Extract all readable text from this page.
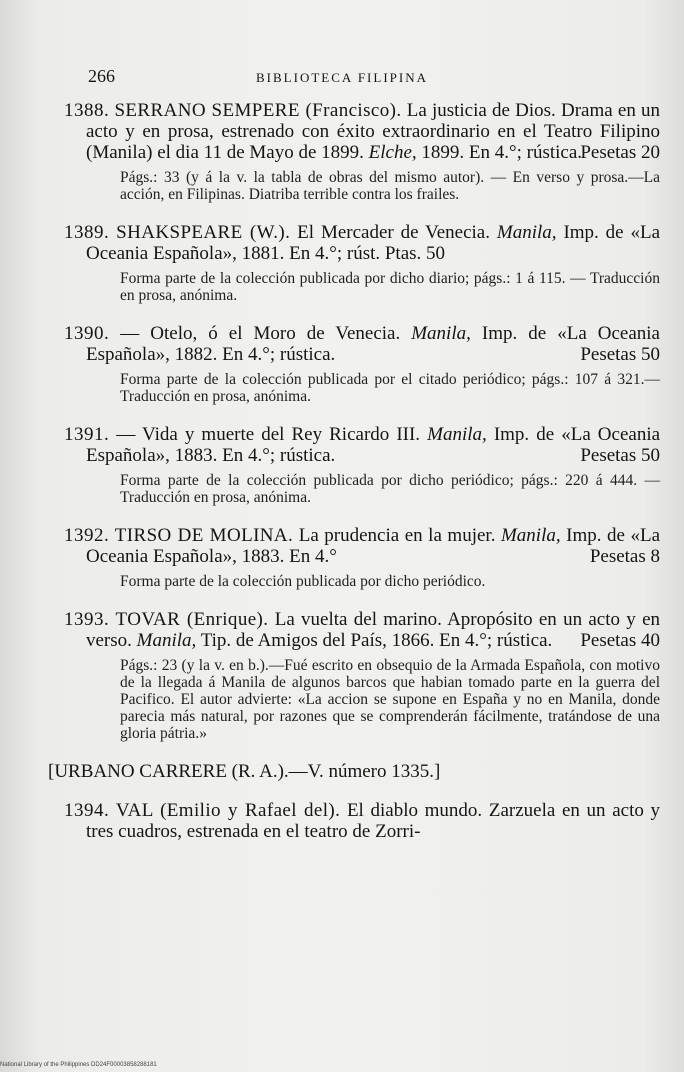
266	BIBLIOTECA FILIPINA

1388. SERRANO SEMPERE (Francisco). La justicia de Dios. Drama en un acto y en prosa, estrenado con éxito extraordinario en el Teatro Filipino (Manila) el dia 11 de Mayo de 1899. Elche, 1899. En 4.°; rústica.
Pesetas 20

Págs.: 33 (y á la v. la tabla de obras del mismo autor). — En verso y prosa.—La acción, en Filipinas. Diatriba terrible contra los frailes.

1389. SHAKSPEARE (W.). El Mercader de Venecia. Manila, Imp. de «La Oceania Española», 1881. En 4.°; rúst. Ptas. 50

Forma parte de la colección publicada por dicho diario; págs.: 1 á 115. — Traducción en prosa, anónima.

1390. — Otelo, ó el Moro de Venecia. Manila, Imp. de «La Oceania Española», 1882. En 4.°; rústica.	Pesetas 50

Forma parte de la colección publicada por el citado periódico; págs.: 107 á 321.—Traducción en prosa, anónima.

1391. — Vida y muerte del Rey Ricardo III. Manila, Imp. de «La Oceania Española», 1883. En 4.°; rústica.	Pesetas 50

Forma parte de la colección publicada por dicho periódico; págs.: 220 á 444. —Traducción en prosa, anónima.

1392. TIRSO DE MOLINA. La prudencia en la mujer. Manila, Imp. de «La Oceania Española», 1883. En 4.°	Pesetas 8

Forma parte de la colección publicada por dicho periódico.

1393. TOVAR (Enrique). La vuelta del marino. Apropósito en un acto y en verso. Manila, Tip. de Amigos del País, 1866. En 4.°; rústica. Pesetas 40

Págs.: 23 (y la v. en b.).—Fué escrito en obsequio de la Armada Española, con motivo de la llegada á Manila de algunos barcos que habian tomado parte en la guerra del Pacifico. El autor advierte: «La accion se supone en España y no en Manila, donde parecia más natural, por razones que se comprenderán fácilmente, tratándose de una gloria pátria.»

[URBANO CARRERE (R. A.).—V. número 1335.]

1394. VAL (Emilio y Rafael del). El diablo mundo. Zarzuela en un acto y tres cuadros, estrenada en el teatro de Zorri-

National Library of the Philippines DD24F00003858288181
